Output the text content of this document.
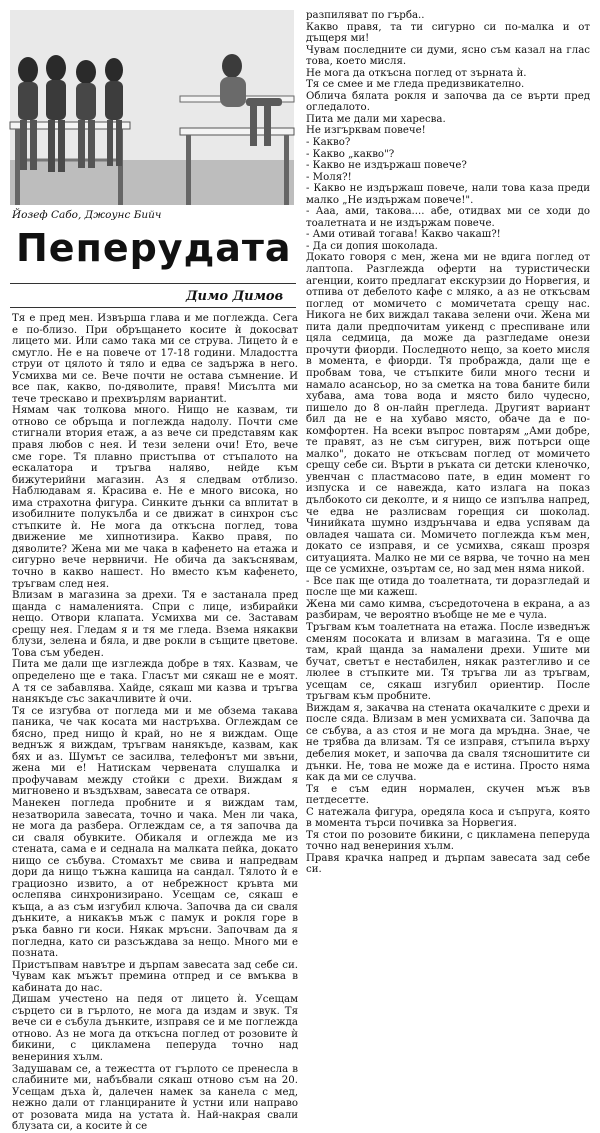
Йозеф Сабо, Джоунс Бийч
Пеперудата
Димо Димов

Тя е пред мен. Извърша глава и ме поглежда. Сега е по-близо. При обръщането косите ѝ докосват лицето ми. Или само така ми се струва. Лицето ѝ е смугло. Не е на повече от 17-18 години. Младостта струи от цялото ѝ тяло и едва се задържа в него. Усмихва ми се. Вече почти не остава съмнение. И все пак, какво, по-дяволите, правя! Мисълта ми тече трескаво и прехвърлям вариантиt.

Нямам чак толкова много. Нищо не казвам, ти отново се обръща и поглежда надолу. Почти сме стигнали втория етаж, а аз вече си представям как правя любов с нея. И тези зелени очи! Ето, вече сме горе. Тя плавно пристъпва от стъпалото на ескалатора и тръгва наляво, нейде към бижутерийни магазин. Аз я следвам отблизо. Наблюдавам я. Красива е. Не е много висока, но има страхотна фигура. Синките дънки са вплитат в изобилните полукълба и се движат в синхрон със стъпките ѝ. Не мога да откъсна поглед, това движение ме хипнотизира. Какво правя, по дяволите? Жена ми ме чака в кафенето на етажа и сигурно вече нервничи. Не обича да закъснявам, точно в какво нашест. Но вместо към кафенето, тръгвам след нея.

Влизам в магазина за дрехи. Тя е застанала пред щанда с намаленията. Спри с лице, избирайки нещо. Отвори клапата. Усмихва ми се. Заставам срещу нея. Гледам я и тя ме гледа. Взема някакви блузи, зелена и бяла, и две рокли в същите цветове. Това съм убеден.

Пита ме дали ще изглежда добре в тях. Казвам, че определено ще е така. Гласът ми сякаш не е моят. А тя се забавлява. Хайде, сякаш ми казва и тръгва нанякъде със закачливите ѝ очи.

Тя се изгубва от погледа ми и ме обзема такава паника, че чак косата ми настръхва. Оглеждам се бясно, пред нищо ѝ край, но не я виждам. Още веднъж я виждам, тръгвам нанякъде, казвам, как бях и аз. Шумът се засилва, телефонът ми звъни, жена ми е! Натискам червената слушалка и профучавам между стойки с дрехи. Виждам я мигновено и въздъхвам, завесата се отваря.

Манекен погледа пробните и я виждам там, незатворила завесата, точно и чака. Мен ли чака, не мога да разбера. Оглеждам се, а тя започва да си сваля обувките. Обикаля и оглежда ме из стената, сама е и седнала на малката пейка, докато нищо се събува. Стомахът ме свива и напредвам дори да нищо тъжна кашица на сандал. Тялото ѝ е грациозно извито, а от небрежност кръвта ми ослепява синхронизирано. Усещам се, сякаш е къща, а аз съм изгубил ключа. Започва да си сваля дънките, а никакъв мъж с памук и рокля горе в ръка бавно ги коси. Някак мръсни. Започвам да я погледна, като си разсъждава за нещо. Много ми е позната.

Пристъпвам навътре и дърпам завесата зад себе си. Чувам как мъжът премина отпред и се вмъква в кабината до нас.

Дишам учестено на педя от лицето ѝ. Усещам сърцето си в гърлото, не мога да издам и звук. Тя вече си е събула дънките, изправя се и ме поглежда отново. Аз не мога да откъсна поглед от розовите ѝ бикини, с цикламена пеперуда точно над венериния хълм.

Задушавам се, а тежестта от гърлото се пренесла в слабините ми, набъбвали сякаш отново съм на 20. Усещам дъха ѝ, далечен намек за канела с мед, нежно дали от гланцираните ѝ устни или направо от розовата мида на устата ѝ. Най-накрая свали блузата си, а косите ѝ се

разпиляват по гърба..

Какво правя, та ти сигурно си по-малка и от дъщеря ми!

Чувам последните си думи, ясно съм казал на глас това, което мисля.

Не мога да откъсна поглед от зърната ѝ.

Тя се смее и ме гледа предизвикателно.

Облича бялата рокля и започва да се върти пред огледалото.

Пита ме дали ми харесва.

Не изгърквам повече!

- Какво?

- Какво „какво"?

- Какво не издържаш повече?

- Моля?!

- Какво не издържаш повече, нали това каза преди малко „Не издържам повече!".

- Ааа, ами, такова.... абе, отидвах ми се ходи до тоалетната и не издържам повече.

- Ами отивай тогава! Какво чакаш?!

- Да си допия шоколада.

Докато говоря с мен, жена ми не вдига поглед от лаптопа. Разглежда оферти на туристически агенции, които предлагат екскурзии до Норвегия, и отпива от дебелото кафе с мляко, а аз не откъсвам поглед от момичето с момичетата срещу нас. Никога не бих виждал такава зелени очи. Жена ми пита дали предпочитам уикенд с преспиване или цяла седмица, да може да разгледаме онези прочути фиорди. Последното нещо, за което мисля в момента, е фиорди. Тя прображда, дали ще е пробвам това, че стъпките били много тесни и намало асансьор, но за сметка на това баните били хубава, ама това вода и място било чудесно, пишело до 8 он-лайн прегледа. Другият вариант бил да не е на хубаво място, обаче да е по-комфортен. На всеки въпрос повтарям „Ами добре, те правят, аз не съм сигурен, виж потърси още малко", докато не откъсвам поглед от момичето срещу себе си. Върти в ръката си детски кленочко, увенчан с пластмасово пате, в един момент го изпуска и се навежда, като излага на показ дълбокото си деколте, и я нищо се изпълва напред, че едва не разлисвам горещия си шоколад. Чинийката шумно издрънчава и едва успявам да овладея чашата си. Момичето поглежда към мен, докато се изправя, и се усмихва, сякаш прозря ситуацията. Малко не ми се вярва, че точно на мен ще се усмихне, озъртам се, но зад мен няма никой.

- Все пак ще отида до тоалетната, ти доразгледай и после ще ми кажеш.

Жена ми само кимва, съсредоточена в екрана, а аз разбирам, че вероятно въобще не ме е чула.

Тръгвам към тоалетната на етажа. После изведнъж сменям посоката и влизам в магазина. Тя е още там, край щанда за намалени дрехи. Ушите ми бучат, светът е нестабилен, някак разтегливо и се люлее в стъпките ми. Тя тръгва ли аз тръгвам, усещам се, сякаш изгубил ориентир. После тръгвам към пробните.

Виждам я, закачва на стената окачалките с дрехи и после сяда. Влизам в мен усмихвата си. Започва да се събува, а аз стоя и не мога да мръдна. Знае, че не трябва да влизам. Тя се изправя, стъпила върху дебелия мокет, и започва да сваля тясношитите си дънки. Не, това не може да е истина. Просто няма как да ми се случва.

Тя е съм един нормален, скучен мъж във петдесетте.

С натежала фигура, оредяла коса и съпруга, която в момента търси почивка за Норвегия.

Тя стои по розовите бикини, с цикламена пеперуда точно над венериния хълм.

Правя крачка напред и дърпам завесата зад себе си.
